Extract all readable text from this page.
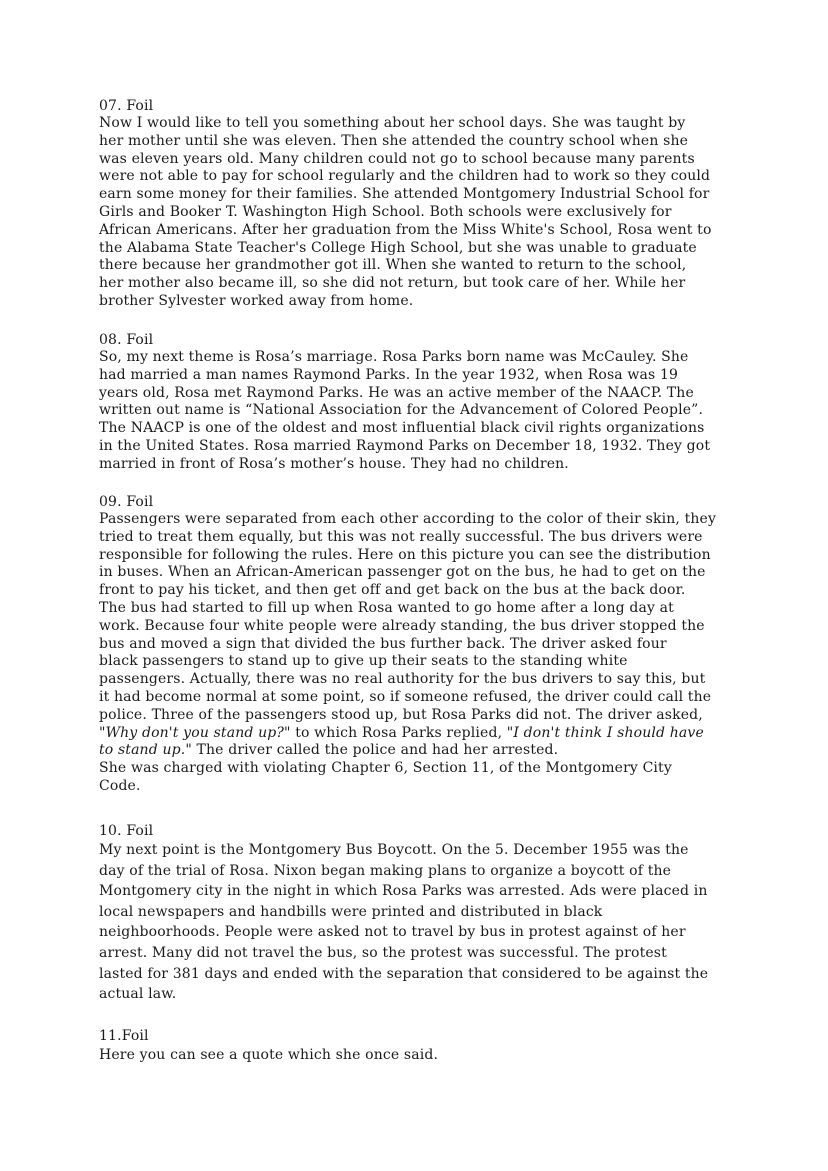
07. Foil

Now I would like to tell you something about her school days. She was taught by
her mother until she was eleven. Then she attended the country school when she
was eleven years old. Many children could not go to school because many parents
were not able to pay for school regularly and the children had to work so they could
earn some money for their families. She attended Montgomery Industrial School for
Girls and Booker T. Washington High School. Both schools were exclusively for
African Americans. After her graduation from the Miss White's School, Rosa went to
the Alabama State Teacher's College High School, but she was unable to graduate
there because her grandmother got ill. When she wanted to return to the school,
her mother also became ill, so she did not return, but took care of her. While her
brother Sylvester worked away from home.

08. Foil

So, my next theme is Rosa’s marriage. Rosa Parks born name was McCauley. She
had married a man names Raymond Parks. In the year 1932, when Rosa was 19
years old, Rosa met Raymond Parks. He was an active member of the NAACP. The
written out name is “National Association for the Advancement of Colored People”.
The NAACP is one of the oldest and most influential black civil rights organizations
in the United States. Rosa married Raymond Parks on December 18, 1932. They got
married in front of Rosa’s mother’s house. They had no children.

09. Foil

Passengers were separated from each other according to the color of their skin, they
tried to treat them equally, but this was not really successful. The bus drivers were
responsible for following the rules. Here on this picture you can see the distribution
in buses. When an African-American passenger got on the bus, he had to get on the
front to pay his ticket, and then get off and get back on the bus at the back door.
The bus had started to fill up when Rosa wanted to go home after a long day at
work. Because four white people were already standing, the bus driver stopped the
bus and moved a sign that divided the bus further back. The driver asked four
black passengers to stand up to give up their seats to the standing white
passengers. Actually, there was no real authority for the bus drivers to say this, but
it had become normal at some point, so if someone refused, the driver could call the
police. Three of the passengers stood up, but Rosa Parks did not. The driver asked,
"Why don't you stand up?" to which Rosa Parks replied, "I don't think I should have
to stand up." The driver called the police and had her arrested.
She was charged with violating Chapter 6, Section 11, of the Montgomery City
Code.

10. Foil

My next point is the Montgomery Bus Boycott. On the 5. December 1955 was the
day of the trial of Rosa. Nixon began making plans to organize a boycott of the
Montgomery city in the night in which Rosa Parks was arrested. Ads were placed in
local newspapers and handbills were printed and distributed in black
neighboorhoods. People were asked not to travel by bus in protest against of her
arrest. Many did not travel the bus, so the protest was successful. The protest
lasted for 381 days and ended with the separation that considered to be against the
actual law.

11.Foil

Here you can see a quote which she once said.
